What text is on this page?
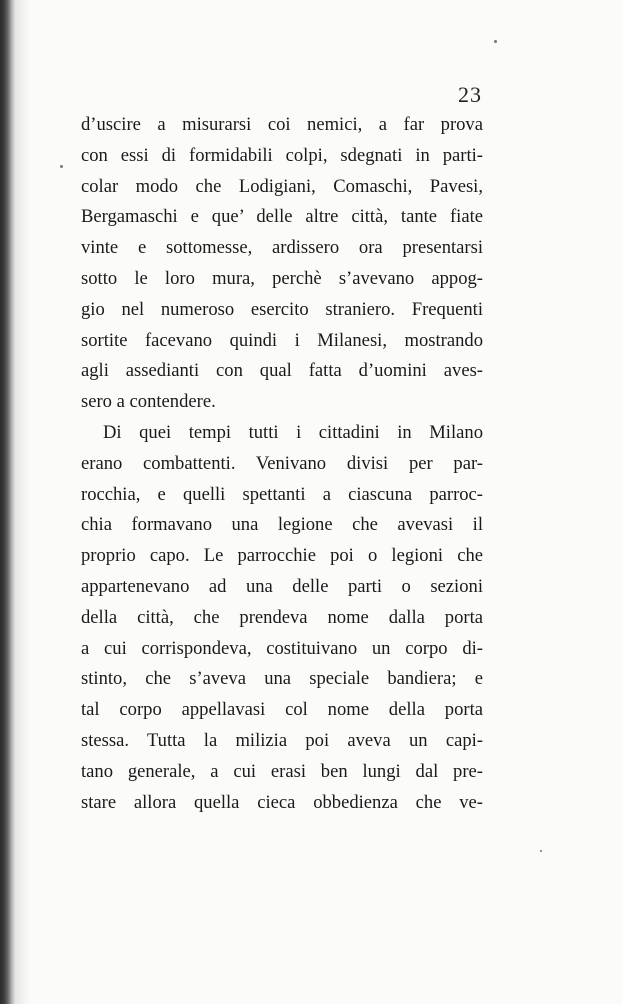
23
d’uscire a misurarsi coi nemici, a far prova
con essi di formidabili colpi, sdegnati in parti-
colar modo che Lodigiani, Comaschi, Pavesi,
Bergamaschi e que’ delle altre città, tante fiate
vinte e sottomesse, ardissero ora presentarsi
sotto le loro mura, perchè s’avevano appog-
gio nel numeroso esercito straniero. Frequenti
sortite facevano quindi i Milanesi, mostrando
agli assedianti con qual fatta d’uomini aves-
sero a contendere.
Di quei tempi tutti i cittadini in Milano
erano combattenti. Venivano divisi per par-
rocchia, e quelli spettanti a ciascuna parroc-
chia formavano una legione che avevasi il
proprio capo. Le parrocchie poi o legioni che
appartenevano ad una delle parti o sezioni
della città, che prendeva nome dalla porta
a cui corrispondeva, costituivano un corpo di-
stinto, che s’aveva una speciale bandiera; e
tal corpo appellavasi col nome della porta
stessa. Tutta la milizia poi aveva un capi-
tano generale, a cui erasi ben lungi dal pre-
stare allora quella cieca obbedienza che ve-
